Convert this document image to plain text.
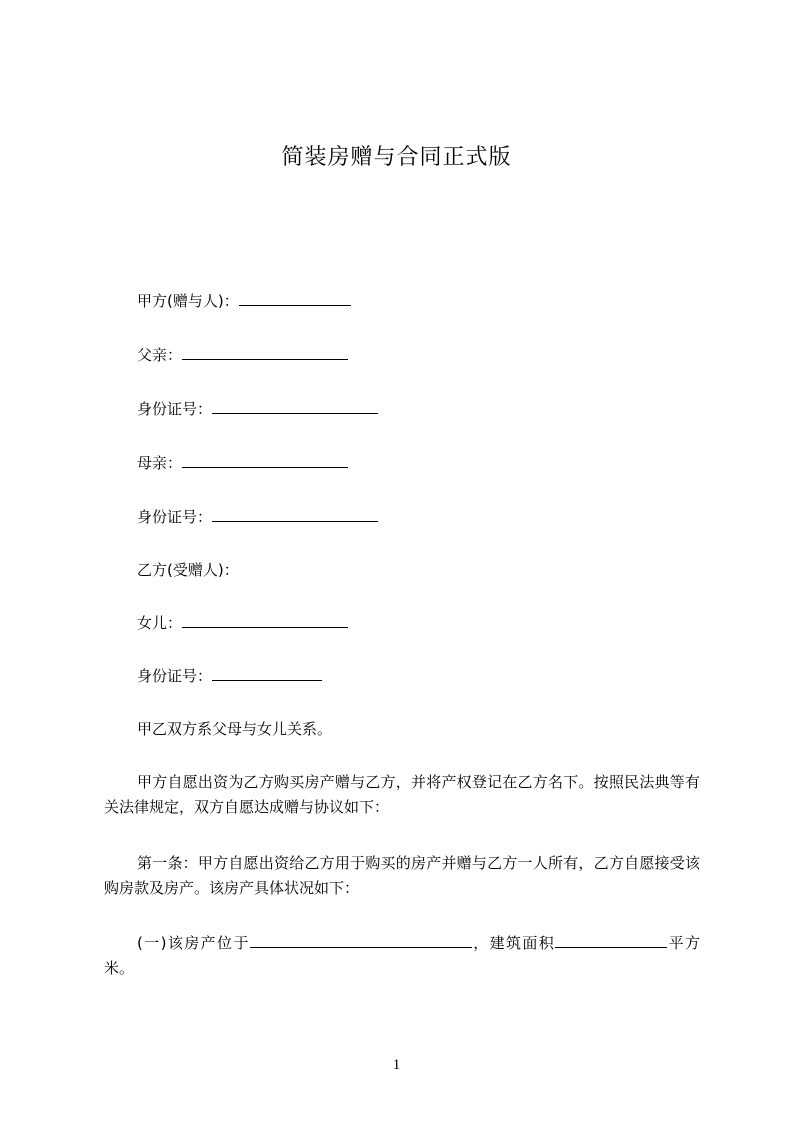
简装房赠与合同正式版
甲方(赠与人)：
父亲：
身份证号：
母亲：
身份证号：
乙方(受赠人)：
女儿：
身份证号：
甲乙双方系父母与女儿关系。
甲方自愿出资为乙方购买房产赠与乙方，并将产权登记在乙方名下。按照民法典等有关法律规定，双方自愿达成赠与协议如下：
第一条：甲方自愿出资给乙方用于购买的房产并赠与乙方一人所有，乙方自愿接受该购房款及房产。该房产具体状况如下：
(一)该房产位于	，建筑面积	平方米。
1
